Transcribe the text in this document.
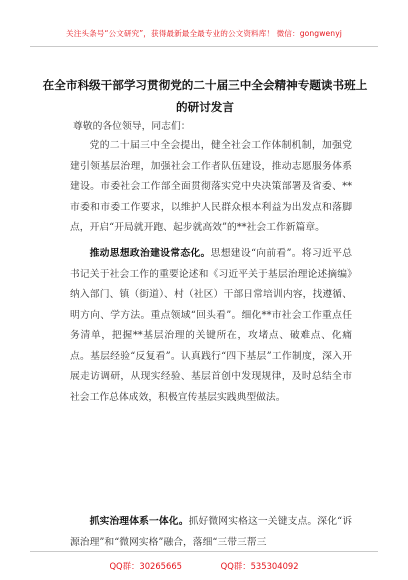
关注头条号“公文研究”，获得最新最全最专业的公文资料库！ 微信：gongwenyj
在全市科级干部学习贯彻党的二十届三中全会精神专题读书班上的研讨发言
尊敬的各位领导，同志们：

党的二十届三中全会提出，健全社会工作体制机制，加强党建引领基层治理，加强社会工作者队伍建设，推动志愿服务体系建设。市委社会工作部全面贯彻落实党中央决策部署及省委、**市委和市委工作要求，以维护人民群众根本利益为出发点和落脚点，开启“开局就开跑、起步就高效”的**社会工作新篇章。

推动思想政治建设常态化。思想建设“向前看”。将习近平总书记关于社会工作的重要论述和《习近平关于基层治理论述摘编》纳入部门、镇（街道）、村（社区）干部日常培训内容，找遵循、明方向、学方法。重点领域“回头看”。细化**市社会工作重点任务清单，把握**基层治理的关键所在，攻堵点、破难点、化痛点。基层经验“反复看”。认真践行“四下基层”工作制度，深入开展走访调研，从现实经验、基层首创中发现规律，及时总结全市社会工作总体成效，积极宣传基层实践典型做法。

抓实治理体系一体化。抓好微网实格这一关键支点。深化“诉源治理”和“微网实格”融合，落细“三带三帮三

QQ群：30265665	QQ群：535304092
